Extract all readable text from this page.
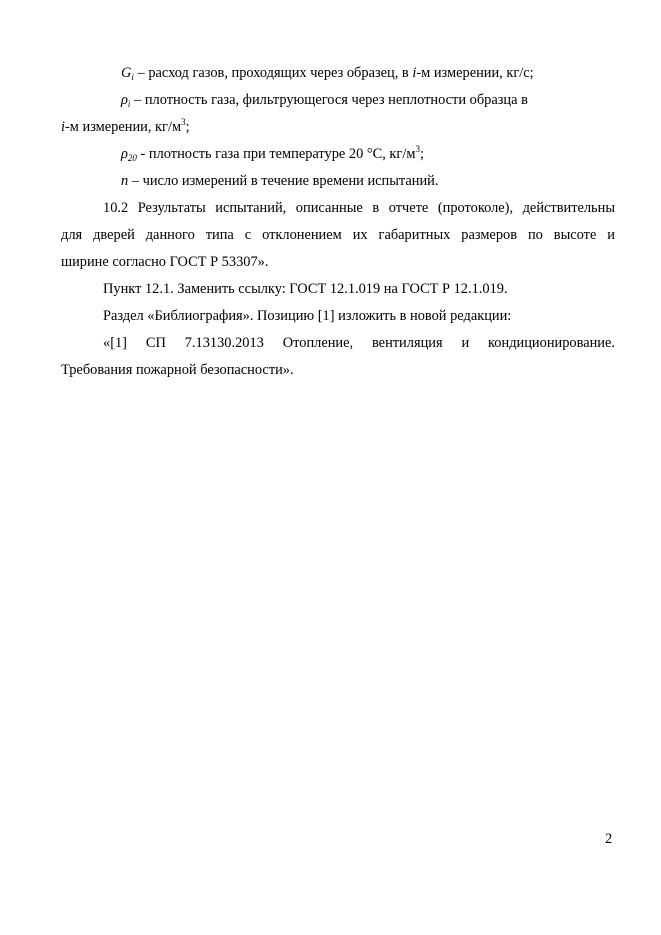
$G_i$ – расход газов, проходящих через образец, в i-м измерении, кг/с;
$\rho_i$ – плотность газа, фильтрующегося через неплотности образца в
i-м измерении, $кг/м^3$;
$\rho_{20}$ - плотность газа при температуре 20 °C, $кг/м^3$;
n – число измерений в течение времени испытаний.
10.2 Результаты испытаний, описанные в отчете (протоколе), действительны
для дверей данного типа с отклонением их габаритных размеров по высоте и
ширине согласно ГОСТ Р 53307».
Пункт 12.1. Заменить ссылку: ГОСТ 12.1.019 на ГОСТ Р 12.1.019.
Раздел «Библиография». Позицию [1] изложить в новой редакции:
«[1] СП 7.13130.2013 Отопление, вентиляция и кондиционирование.
Требования пожарной безопасности».
2
